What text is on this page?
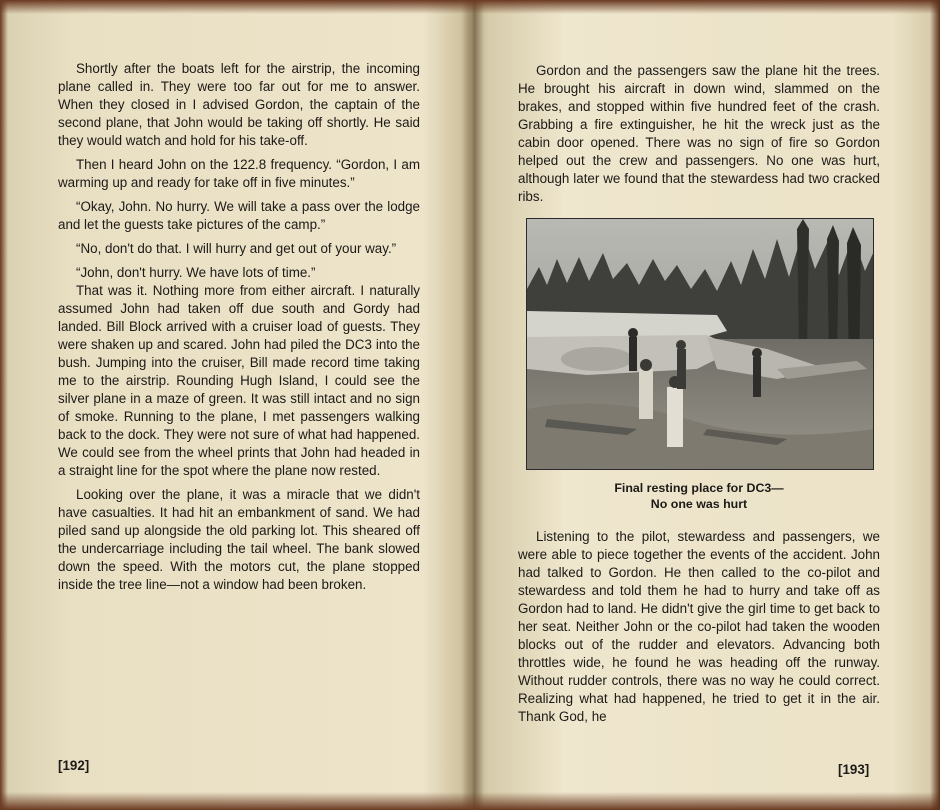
Shortly after the boats left for the airstrip, the incoming plane called in. They were too far out for me to answer. When they closed in I advised Gordon, the captain of the second plane, that John would be taking off shortly. He said they would watch and hold for his take-off.

Then I heard John on the 122.8 frequency. “Gordon, I am warming up and ready for take off in five minutes.”

“Okay, John. No hurry. We will take a pass over the lodge and let the guests take pictures of the camp.”

“No, don't do that. I will hurry and get out of your way.”

“John, don't hurry. We have lots of time.”

That was it. Nothing more from either aircraft. I naturally assumed John had taken off due south and Gordy had landed. Bill Block arrived with a cruiser load of guests. They were shaken up and scared. John had piled the DC3 into the bush. Jumping into the cruiser, Bill made record time taking me to the airstrip. Rounding Hugh Island, I could see the silver plane in a maze of green. It was still intact and no sign of smoke. Running to the plane, I met passengers walking back to the dock. They were not sure of what had happened. We could see from the wheel prints that John had headed in a straight line for the spot where the plane now rested.

Looking over the plane, it was a miracle that we didn't have casualties. It had hit an embankment of sand. We had piled sand up alongside the old parking lot. This sheared off the undercarriage including the tail wheel. The bank slowed down the speed. With the motors cut, the plane stopped inside the tree line—not a window had been broken.

[192]

Gordon and the passengers saw the plane hit the trees. He brought his aircraft in down wind, slammed on the brakes, and stopped within five hundred feet of the crash. Grabbing a fire extinguisher, he hit the wreck just as the cabin door opened. There was no sign of fire so Gordon helped out the crew and passengers. No one was hurt, although later we found that the stewardess had two cracked ribs.

Final resting place for DC3—
No one was hurt

Listening to the pilot, stewardess and passengers, we were able to piece together the events of the accident. John had talked to Gordon. He then called to the co-pilot and stewardess and told them he had to hurry and take off as Gordon had to land. He didn't give the girl time to get back to her seat. Neither John or the co-pilot had taken the wooden blocks out of the rudder and elevators. Advancing both throttles wide, he found he was heading off the runway. Without rudder controls, there was no way he could correct. Realizing what had happened, he tried to get it in the air. Thank God, he

[193]
